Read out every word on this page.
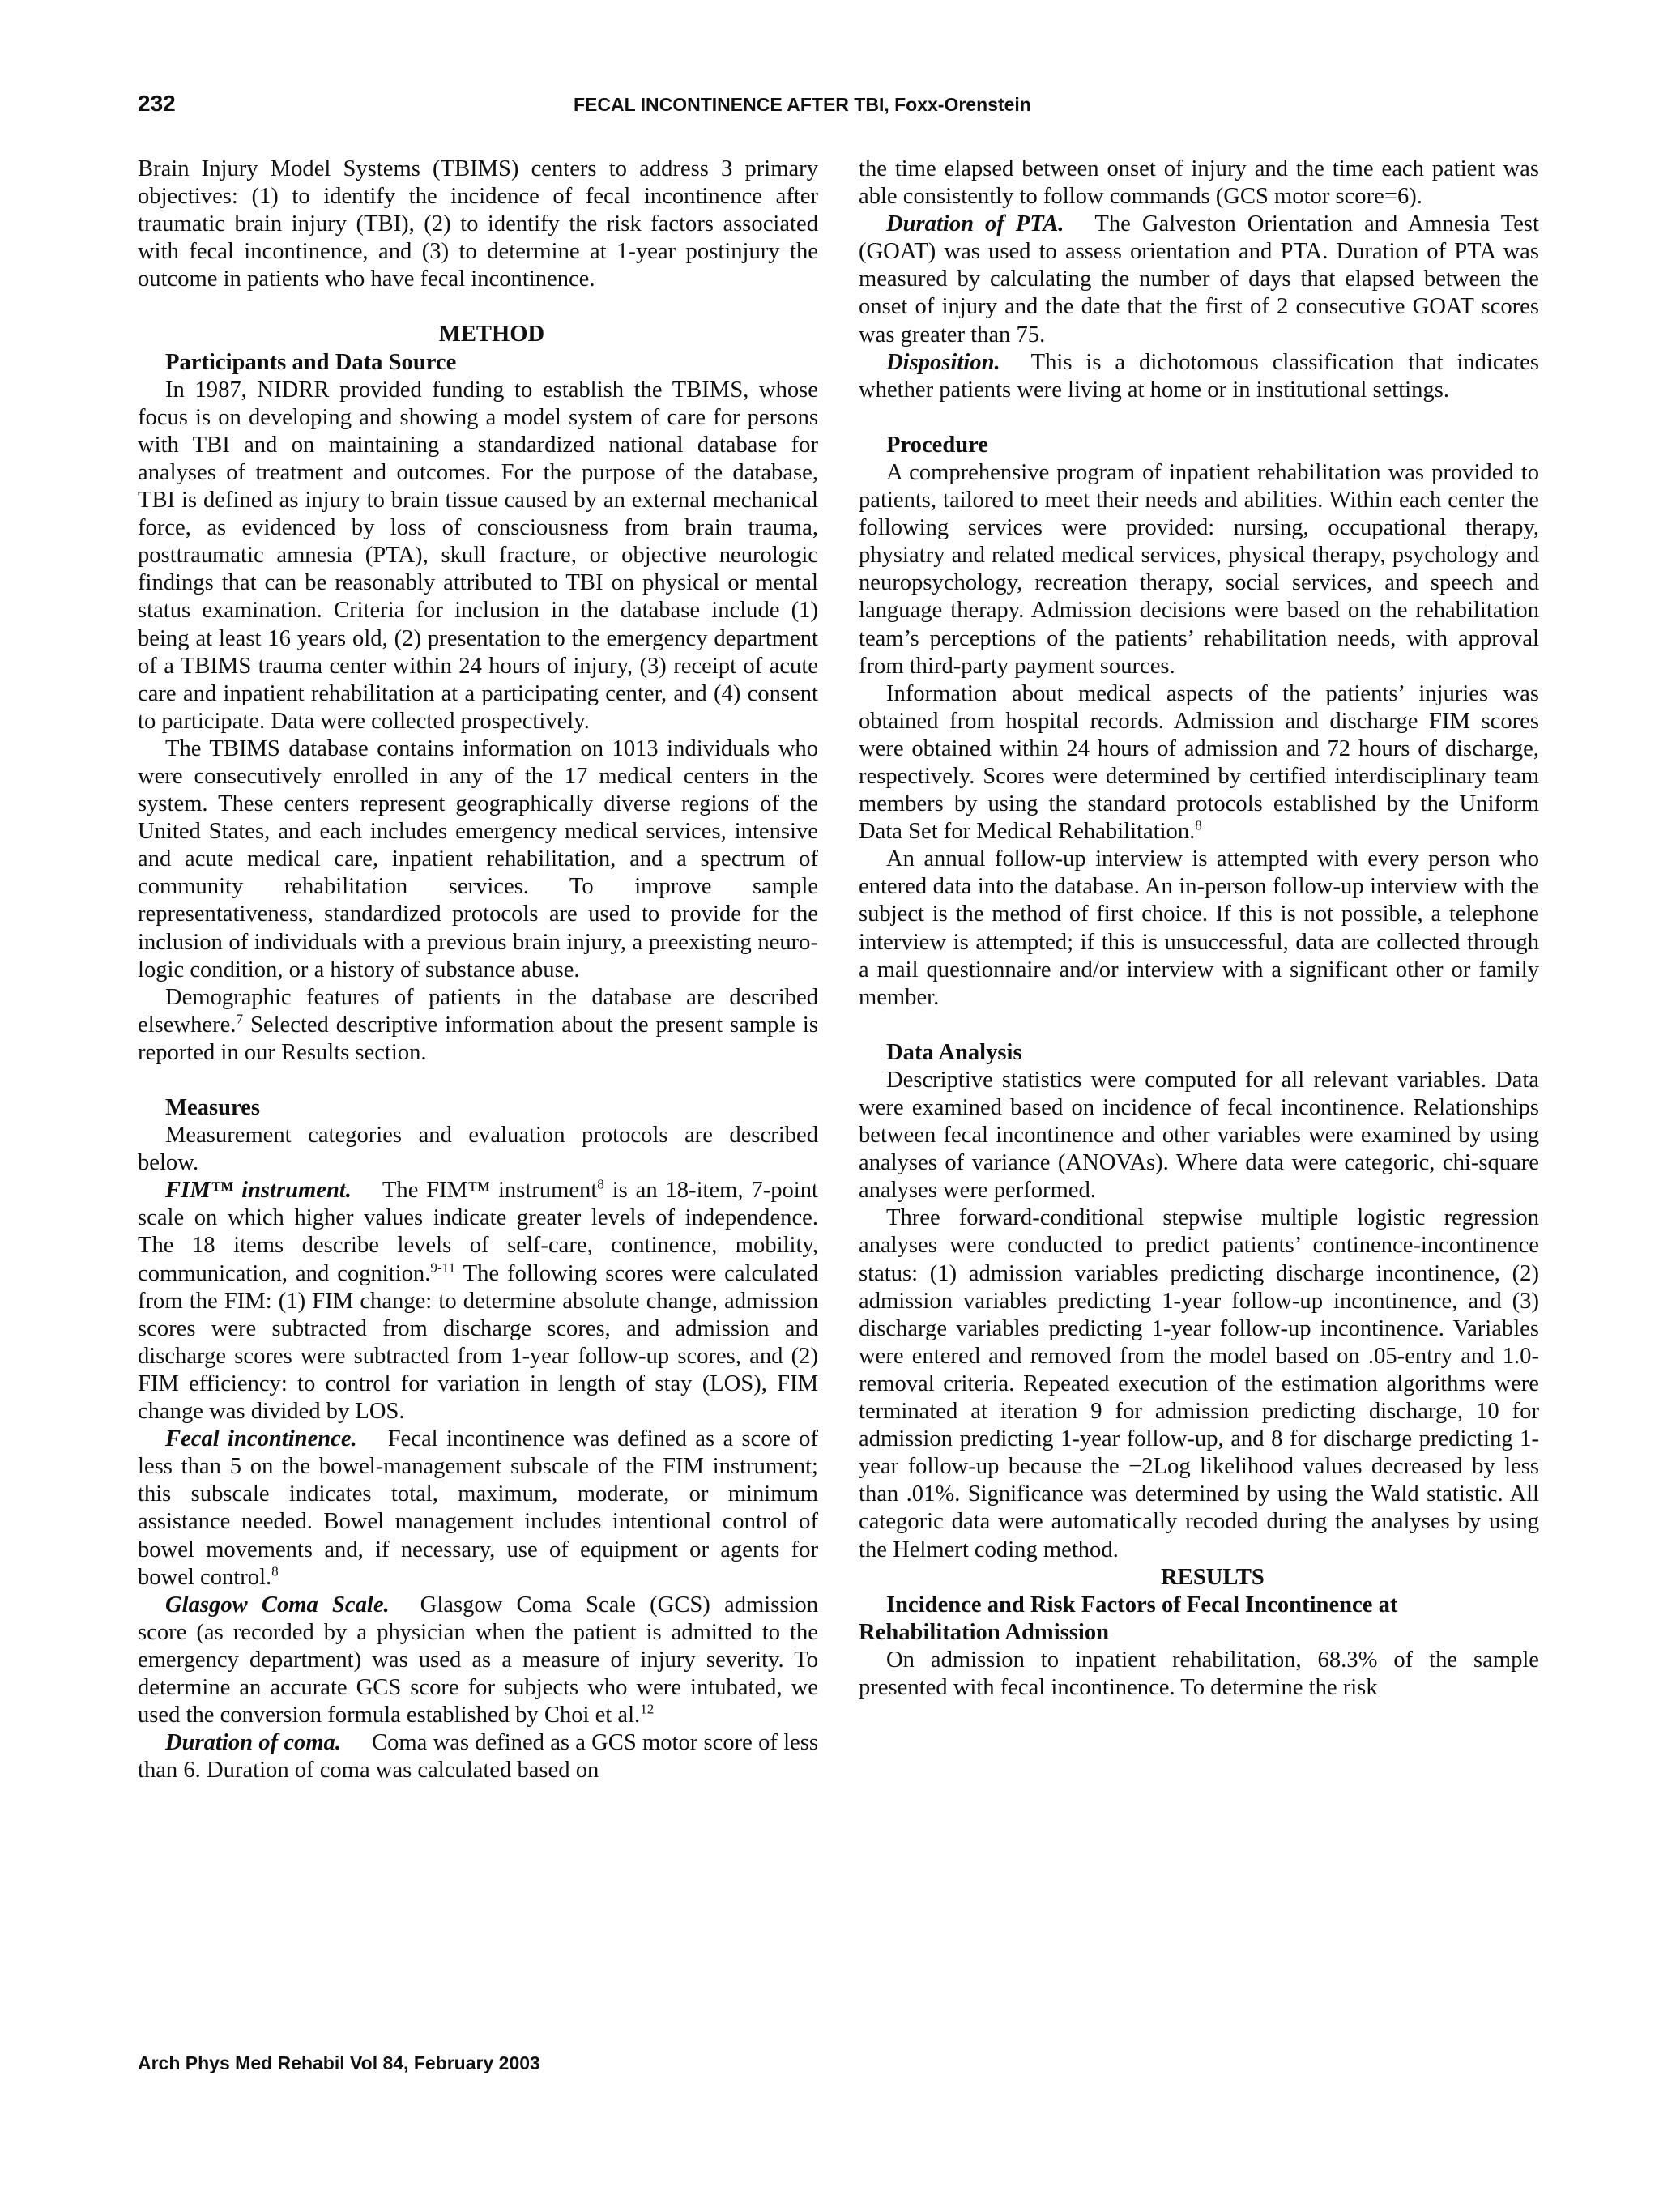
232	FECAL INCONTINENCE AFTER TBI, Foxx-Orenstein

Brain Injury Model Systems (TBIMS) centers to address 3 primary objectives: (1) to identify the incidence of fecal incontinence after traumatic brain injury (TBI), (2) to identify the risk factors associated with fecal incontinence, and (3) to determine at 1-year postinjury the outcome in patients who have fecal incontinence.

METHOD

Participants and Data Source

In 1987, NIDRR provided funding to establish the TBIMS, whose focus is on developing and showing a model system of care for persons with TBI and on maintaining a standardized national database for analyses of treatment and outcomes. For the purpose of the database, TBI is defined as injury to brain tissue caused by an external mechanical force, as evidenced by loss of consciousness from brain trauma, posttraumatic amnesia (PTA), skull fracture, or objective neurologic findings that can be reasonably attributed to TBI on physical or mental status examination. Criteria for inclusion in the database include (1) being at least 16 years old, (2) presentation to the emergency department of a TBIMS trauma center within 24 hours of injury, (3) receipt of acute care and inpatient rehabilitation at a participating center, and (4) consent to participate. Data were collected prospectively.

The TBIMS database contains information on 1013 individuals who were consecutively enrolled in any of the 17 medical centers in the system. These centers represent geographically diverse regions of the United States, and each includes emergency medical services, intensive and acute medical care, inpatient rehabilitation, and a spectrum of community rehabilitation services. To improve sample representativeness, standardized protocols are used to provide for the inclusion of individuals with a previous brain injury, a preexisting neurologic condition, or a history of substance abuse.

Demographic features of patients in the database are described elsewhere.$^7$ Selected descriptive information about the present sample is reported in our Results section.

Measures

Measurement categories and evaluation protocols are described below.

FIM™ instrument. The FIM™ instrument$^8$ is an 18-item, 7-point scale on which higher values indicate greater levels of independence. The 18 items describe levels of self-care, continence, mobility, communication, and cognition.$^{9-11}$ The following scores were calculated from the FIM: (1) FIM change: to determine absolute change, admission scores were subtracted from discharge scores, and admission and discharge scores were subtracted from 1-year follow-up scores, and (2) FIM efficiency: to control for variation in length of stay (LOS), FIM change was divided by LOS.

Fecal incontinence. Fecal incontinence was defined as a score of less than 5 on the bowel-management subscale of the FIM instrument; this subscale indicates total, maximum, moderate, or minimum assistance needed. Bowel management includes intentional control of bowel movements and, if necessary, use of equipment or agents for bowel control.$^8$

Glasgow Coma Scale. Glasgow Coma Scale (GCS) admission score (as recorded by a physician when the patient is admitted to the emergency department) was used as a measure of injury severity. To determine an accurate GCS score for subjects who were intubated, we used the conversion formula established by Choi et al.$^{12}$

Duration of coma. Coma was defined as a GCS motor score of less than 6. Duration of coma was calculated based on

the time elapsed between onset of injury and the time each patient was able consistently to follow commands (GCS motor score=6).

Duration of PTA. The Galveston Orientation and Amnesia Test (GOAT) was used to assess orientation and PTA. Duration of PTA was measured by calculating the number of days that elapsed between the onset of injury and the date that the first of 2 consecutive GOAT scores was greater than 75.

Disposition. This is a dichotomous classification that indicates whether patients were living at home or in institutional settings.

Procedure

A comprehensive program of inpatient rehabilitation was provided to patients, tailored to meet their needs and abilities. Within each center the following services were provided: nursing, occupational therapy, physiatry and related medical services, physical therapy, psychology and neuropsychology, recreation therapy, social services, and speech and language therapy. Admission decisions were based on the rehabilitation team’s perceptions of the patients’ rehabilitation needs, with approval from third-party payment sources.

Information about medical aspects of the patients’ injuries was obtained from hospital records. Admission and discharge FIM scores were obtained within 24 hours of admission and 72 hours of discharge, respectively. Scores were determined by certified interdisciplinary team members by using the standard protocols established by the Uniform Data Set for Medical Rehabilitation.$^8$

An annual follow-up interview is attempted with every person who entered data into the database. An in-person follow-up interview with the subject is the method of first choice. If this is not possible, a telephone interview is attempted; if this is unsuccessful, data are collected through a mail questionnaire and/or interview with a significant other or family member.

Data Analysis

Descriptive statistics were computed for all relevant variables. Data were examined based on incidence of fecal incontinence. Relationships between fecal incontinence and other variables were examined by using analyses of variance (ANOVAs). Where data were categoric, chi-square analyses were performed.

Three forward-conditional stepwise multiple logistic regression analyses were conducted to predict patients’ continence-incontinence status: (1) admission variables predicting discharge incontinence, (2) admission variables predicting 1-year follow-up incontinence, and (3) discharge variables predicting 1-year follow-up incontinence. Variables were entered and removed from the model based on .05-entry and 1.0-removal criteria. Repeated execution of the estimation algorithms were terminated at iteration 9 for admission predicting discharge, 10 for admission predicting 1-year follow-up, and 8 for discharge predicting 1-year follow-up because the −2Log likelihood values decreased by less than .01%. Significance was determined by using the Wald statistic. All categoric data were automatically recoded during the analyses by using the Helmert coding method.

RESULTS

Incidence and Risk Factors of Fecal Incontinence at Rehabilitation Admission

On admission to inpatient rehabilitation, 68.3% of the sample presented with fecal incontinence. To determine the risk

Arch Phys Med Rehabil Vol 84, February 2003
